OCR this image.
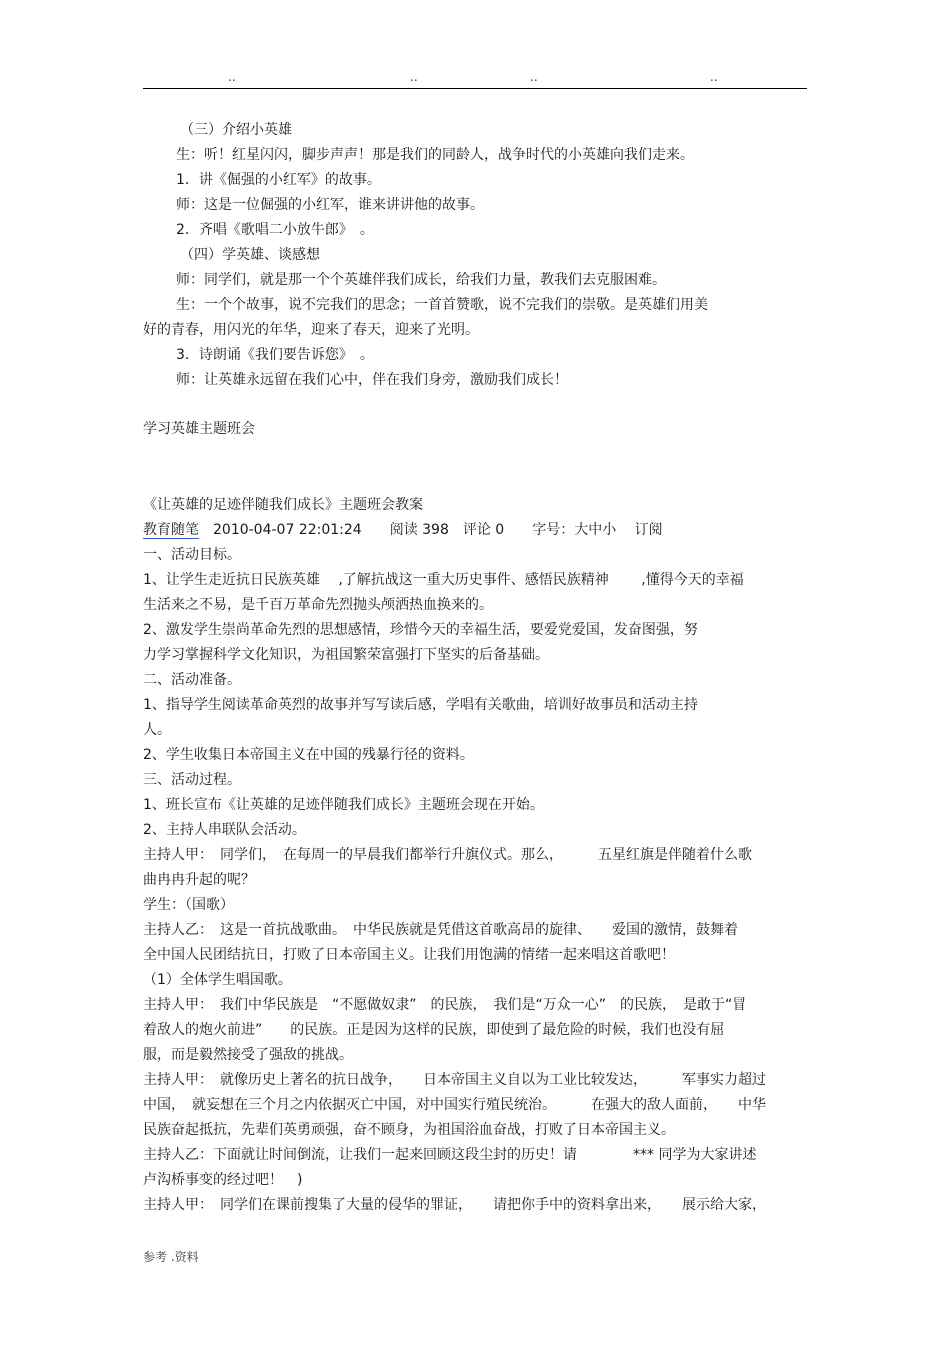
..	..	..	..
（三）介绍小英雄
生：听！红星闪闪，脚步声声！那是我们的同龄人，战争时代的小英雄向我们走来。
1．讲《倔强的小红军》的故事。
师：这是一位倔强的小红军，谁来讲讲他的故事。
2．齐唱《歌唱二小放牛郎》　。
（四）学英雄、谈感想
师：同学们，就是那一个个英雄伴我们成长，给我们力量，教我们去克服困难。
生：一个个故事，说不完我们的思念；一首首赞歌，说不完我们的崇敬。是英雄们用美
好的青春，用闪光的年华，迎来了春天，迎来了光明。
3．诗朗诵《我们要告诉您》　。
师：让英雄永远留在我们心中，伴在我们身旁，激励我们成长！
学习英雄主题班会
《让英雄的足迹伴随我们成长》主题班会教案
教育随笔　 2010-04-07 22:01:24　　阅读 398　评论 0　　字号：大中小　 订阅
一、活动目标。
1、让学生走近抗日民族英雄　 ,了解抗战这一重大历史事件、感悟民族精神　　 ,懂得今天的幸福
生活来之不易，是千百万革命先烈抛头颅洒热血换来的。
2、激发学生崇尚革命先烈的思想感情，珍惜今天的幸福生活，要爱党爱国，发奋图强，努
力学习掌握科学文化知识，为祖国繁荣富强打下坚实的后备基础。
二、活动准备。
1、指导学生阅读革命英烈的故事并写写读后感，学唱有关歌曲，培训好故事员和活动主持
人。
2、学生收集日本帝国主义在中国的残暴行径的资料。
三、活动过程。
1、班长宣布《让英雄的足迹伴随我们成长》主题班会现在开始。
2、主持人串联队会活动。
主持人甲：　同学们，　在每周一的早晨我们都举行升旗仪式。那么，　　　五星红旗是伴随着什么歌
曲冉冉升起的呢？
学生：（国歌）
主持人乙：　这是一首抗战歌曲。　中华民族就是凭借这首歌高昂的旋律、　　爱国的激情，鼓舞着
全中国人民团结抗日，打败了日本帝国主义。让我们用饱满的情绪一起来唱这首歌吧！
（1）全体学生唱国歌。
主持人甲：　我们中华民族是　“不愿做奴隶”　的民族，　我们是“万众一心”　的民族，　是敢于“冒
着敌人的炮火前进”　　的民族。正是因为这样的民族，即使到了最危险的时候，我们也没有屈
服，而是毅然接受了强敌的挑战。
主持人甲：　就像历史上著名的抗日战争，　　日本帝国主义自以为工业比较发达，　　　军事实力超过
中国，　就妄想在三个月之内依据灭亡中国，对中国实行殖民统治。　　　在强大的敌人面前，　　中华
民族奋起抵抗，先辈们英勇顽强，奋不顾身，为祖国浴血奋战，打败了日本帝国主义。
主持人乙：下面就让时间倒流，让我们一起来回顾这段尘封的历史！请　　　　*** 同学为大家讲述
卢沟桥事变的经过吧！　)
主持人甲：　同学们在课前搜集了大量的侵华的罪证，　　请把你手中的资料拿出来，　　展示给大家，
参考 .资料
